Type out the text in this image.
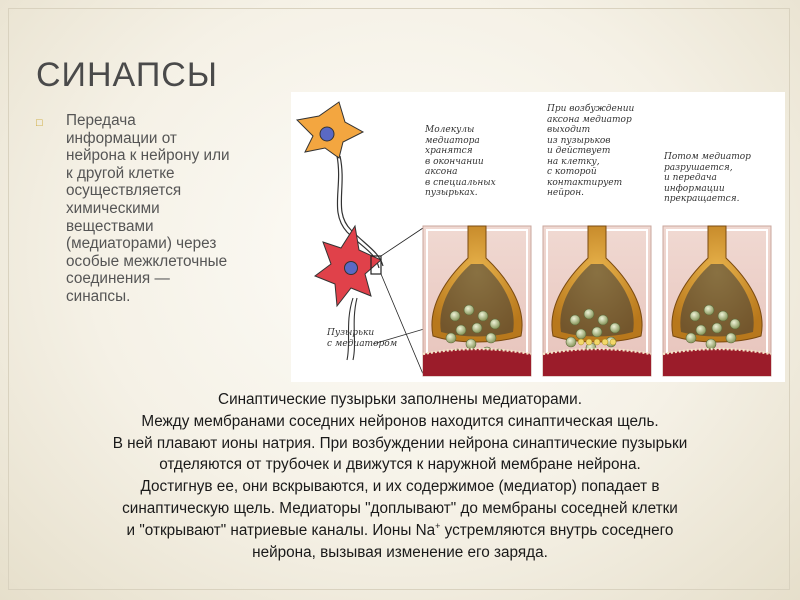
СИНАПСЫ
□ Передача
информации от
нейрона к нейрону или
к другой клетке
осуществляется
химическими
веществами
(медиаторами) через
особые межклеточные
соединения —
синапсы.
Пузырьки
с медиатором
Молекулы
медиатора
хранятся
в окончании
аксона
в специальных
пузырьках.
При возбуждении
аксона медиатор
выходит
из пузырьков
и действует
на клетку,
с которой
контактирует
нейрон.
Потом медиатор
разрушается,
и передача
информации
прекращается.
Синаптические пузырьки заполнены медиаторами.
Между мембранами соседних нейронов находится синаптическая щель.
В ней плавают ионы натрия. При возбуждении нейрона синаптические пузырьки
отделяются от трубочек и движутся к наружной мембране нейрона.
Достигнув ее, они вскрываются, и их содержимое (медиатор) попадает в
синаптическую щель. Медиаторы "доплывают" до мембраны соседней клетки
и "открывают" натриевые каналы. Ионы Na+ устремляются внутрь соседнего
нейрона, вызывая изменение его заряда.
